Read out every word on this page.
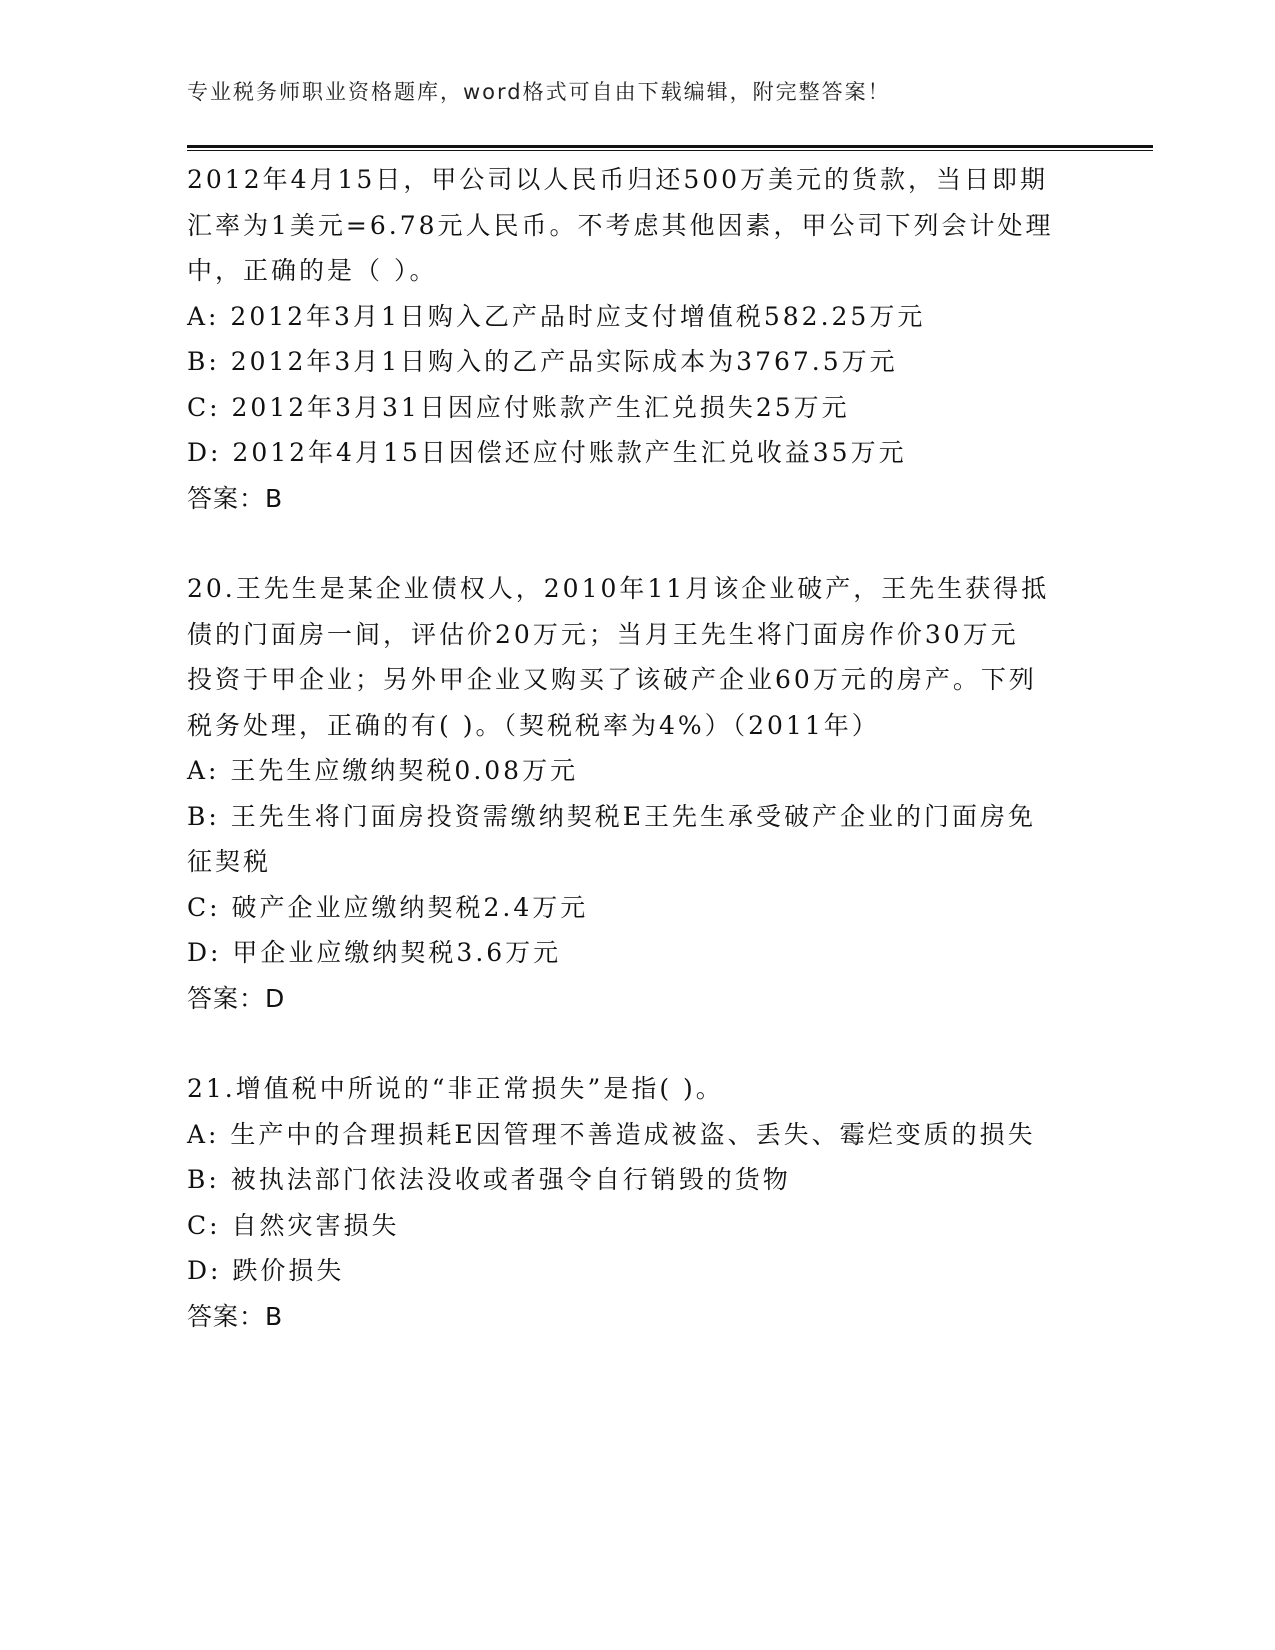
专业税务师职业资格题库，word格式可自由下载编辑，附完整答案！
2012年4月15日，甲公司以人民币归还500万美元的货款，当日即期
汇率为1美元=6.78元人民币。不考虑其他因素，甲公司下列会计处理
中，正确的是（ ）。
A: 2012年3月1日购入乙产品时应支付增值税582.25万元
B: 2012年3月1日购入的乙产品实际成本为3767.5万元
C: 2012年3月31日因应付账款产生汇兑损失25万元
D: 2012年4月15日因偿还应付账款产生汇兑收益35万元
答案：B
20.王先生是某企业债权人，2010年11月该企业破产，王先生获得抵
债的门面房一间，评估价20万元；当月王先生将门面房作价30万元
投资于甲企业；另外甲企业又购买了该破产企业60万元的房产。下列
税务处理，正确的有( )。（契税税率为4%）（2011年）
A: 王先生应缴纳契税0.08万元
B: 王先生将门面房投资需缴纳契税E王先生承受破产企业的门面房免
征契税
C: 破产企业应缴纳契税2.4万元
D: 甲企业应缴纳契税3.6万元
答案：D
21.增值税中所说的“非正常损失”是指( )。
A: 生产中的合理损耗E因管理不善造成被盗、丢失、霉烂变质的损失
B: 被执法部门依法没收或者强令自行销毁的货物
C: 自然灾害损失
D: 跌价损失
答案：B
